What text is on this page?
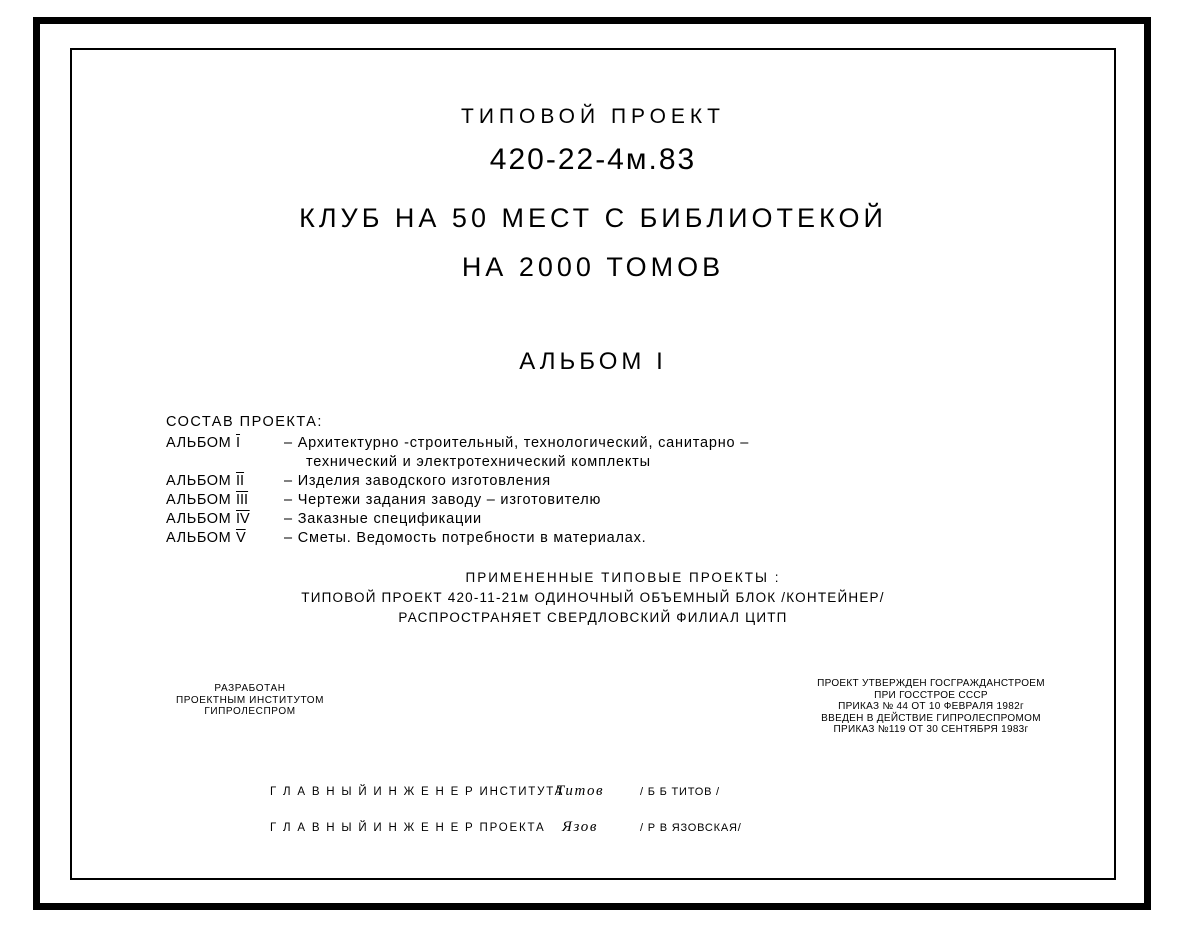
ТИПОВОЙ ПРОЕКТ
420-22-4м.83
КЛУБ НА 50 МЕСТ С БИБЛИОТЕКОЙ
НА 2000 ТОМОВ
АЛЬБОМ I
СОСТАВ ПРОЕКТА:
АЛЬБОМ $\overline{I}$	– Архитектурно -строительный, технологический, санитарно –
технический и электротехнический комплекты
АЛЬБОМ $\overline{II}$	– Изделия заводского изготовления
АЛЬБОМ $\overline{III}$ – Чертежи задания заводу – изготовителю
АЛЬБОМ $\overline{IV}$ – Заказные спецификации
АЛЬБОМ $\overline{V}$	– Сметы. Ведомость потребности в материалах.
ПРИМЕНЕННЫЕ ТИПОВЫЕ ПРОЕКТЫ :
ТИПОВОЙ ПРОЕКТ 420-11-21м ОДИНОЧНЫЙ ОБЪЕМНЫЙ БЛОК /КОНТЕЙНЕР/
РАСПРОСТРАНЯЕТ СВЕРДЛОВСКИЙ ФИЛИАЛ ЦИТП
РАЗРАБОТАН
ПРОЕКТНЫМ ИНСТИТУТОМ
ГИПРОЛЕСПРОМ
ПРОЕКТ УТВЕРЖДЕН ГОСГРАЖДАНСТРОЕМ
ПРИ ГОССТРОЕ СССР
ПРИКАЗ № 44 ОТ 10 ФЕВРАЛЯ 1982г
ВВЕДЕН В ДЕЙСТВИЕ ГИПРОЛЕСПРОМОМ
ПРИКАЗ №119 ОТ 30 СЕНТЯБРЯ 1983г
Г Л А В Н Ы Й И Н Ж Е Н Е Р ИНСТИТУТАТитов	/ Б Б ТИТОВ /
Г Л А В Н Ы Й И Н Ж Е Н Е Р ПРОЕКТА Язов	/ Р В ЯЗОВСКАЯ/
